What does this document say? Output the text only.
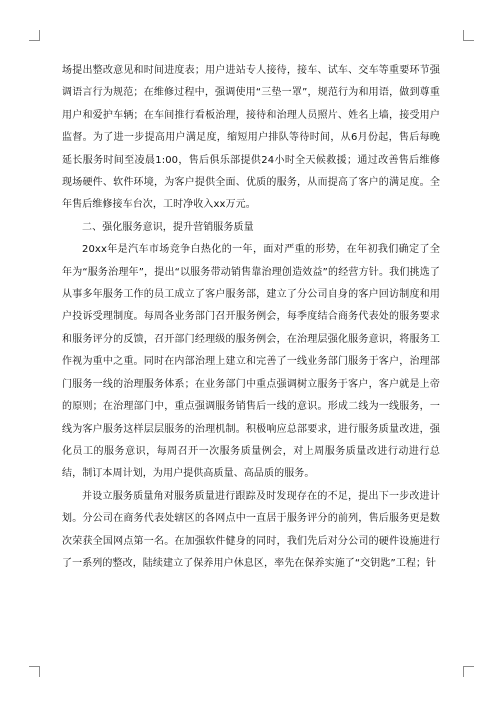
场提出整改意见和时间进度表；用户进站专人接待，接车、试车、交车等重要环节强调语言行为规范；在维修过程中，强调使用“三垫一罩”，规范行为和用语，做到尊重用户和爱护车辆；在车间推行看板治理，接待和治理人员照片、姓名上墙，接受用户监督。为了进一步提高用户满足度，缩短用户排队等待时间，从6月份起，售后每晚延长服务时间至凌晨1:00，售后俱乐部提供24小时全天候救援；通过改善售后维修现场硬件、软件环境，为客户提供全面、优质的服务，从而提高了客户的满足度。全年售后维修接车台次，工时净收入xx万元。

二、强化服务意识，提升营销服务质量

20xx年是汽车市场竞争白热化的一年，面对严重的形势，在年初我们确定了全年为“服务治理年”，提出“以服务带动销售靠治理创造效益”的经营方针。我们挑选了从事多年服务工作的员工成立了客户服务部，建立了分公司自身的客户回访制度和用户投诉受理制度。每周各业务部门召开服务例会，每季度结合商务代表处的服务要求和服务评分的反馈，召开部门经理级的服务例会，在治理层强化服务意识，将服务工作视为重中之重。同时在内部治理上建立和完善了一线业务部门服务于客户，治理部门服务一线的治理服务体系；在业务部门中重点强调树立服务于客户，客户就是上帝的原则；在治理部门中，重点强调服务销售后一线的意识。形成二线为一线服务，一线为客户服务这样层层服务的治理机制。积极响应总部要求，进行服务质量改进，强化员工的服务意识，每周召开一次服务质量例会，对上周服务质量改进行动进行总结，制订本周计划，为用户提供高质量、高品质的服务。

并设立服务质量角对服务质量进行跟踪及时发现存在的不足，提出下一步改进计划。分公司在商务代表处辖区的各网点中一直居于服务评分的前列，售后服务更是数次荣获全国网点第一名。在加强软件健身的同时，我们先后对分公司的硬件设施进行了一系列的整改，陆续建立了保养用户休息区，率先在保养实施了“交钥匙”工程；针
